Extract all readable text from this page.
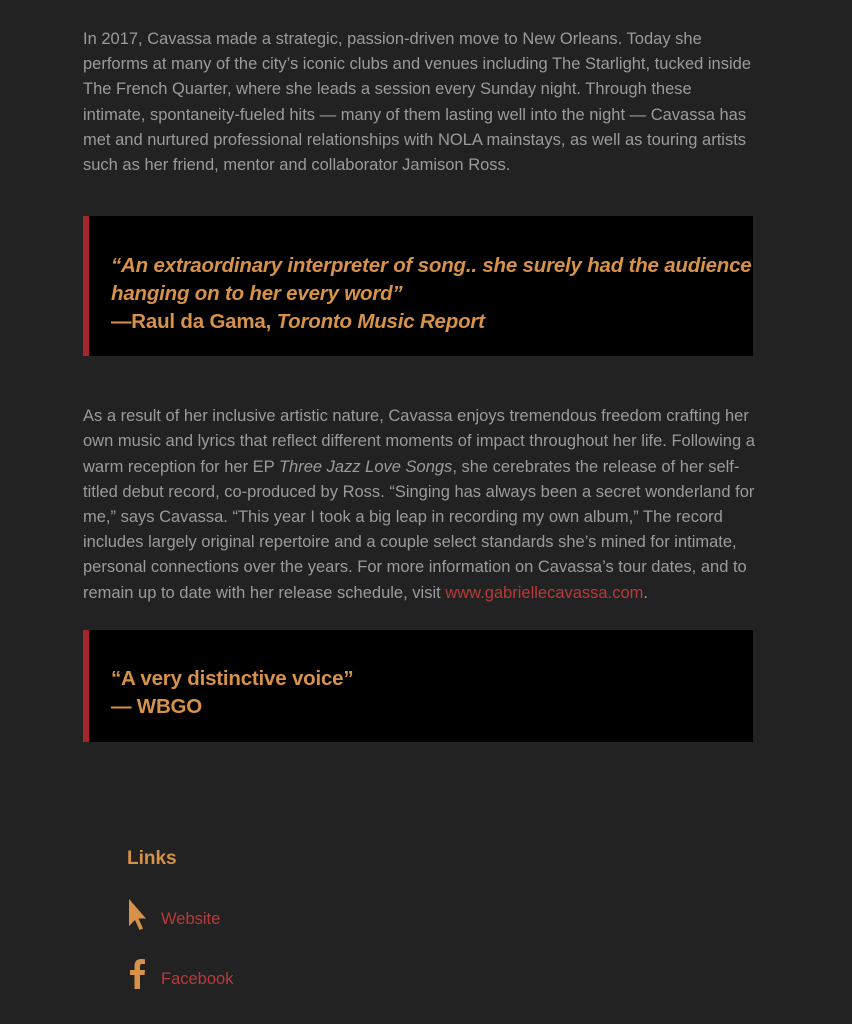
In 2017, Cavassa made a strategic, passion-driven move to New Orleans. Today she performs at many of the city’s iconic clubs and venues including The Starlight, tucked inside The French Quarter, where she leads a session every Sunday night. Through these intimate, spontaneity-fueled hits — many of them lasting well into the night — Cavassa has met and nurtured professional relationships with NOLA mainstays, as well as touring artists such as her friend, mentor and collaborator Jamison Ross.

“An extraordinary interpreter of song.. she surely had the audience hanging on to her every word”
—Raul da Gama, Toronto Music Report

As a result of her inclusive artistic nature, Cavassa enjoys tremendous freedom crafting her own music and lyrics that reflect different moments of impact throughout her life. Following a warm reception for her EP Three Jazz Love Songs, she cerebrates the release of her self-titled debut record, co-produced by Ross. “Singing has always been a secret wonderland for me,” says Cavassa. “This year I took a big leap in recording my own album,” The record includes largely original repertoire and a couple select standards she’s mined for intimate, personal connections over the years. For more information on Cavassa’s tour dates, and to remain up to date with her release schedule, visit www.gabriellecavassa.com.

“A very distinctive voice”
— WBGO
Links
Website
Facebook
